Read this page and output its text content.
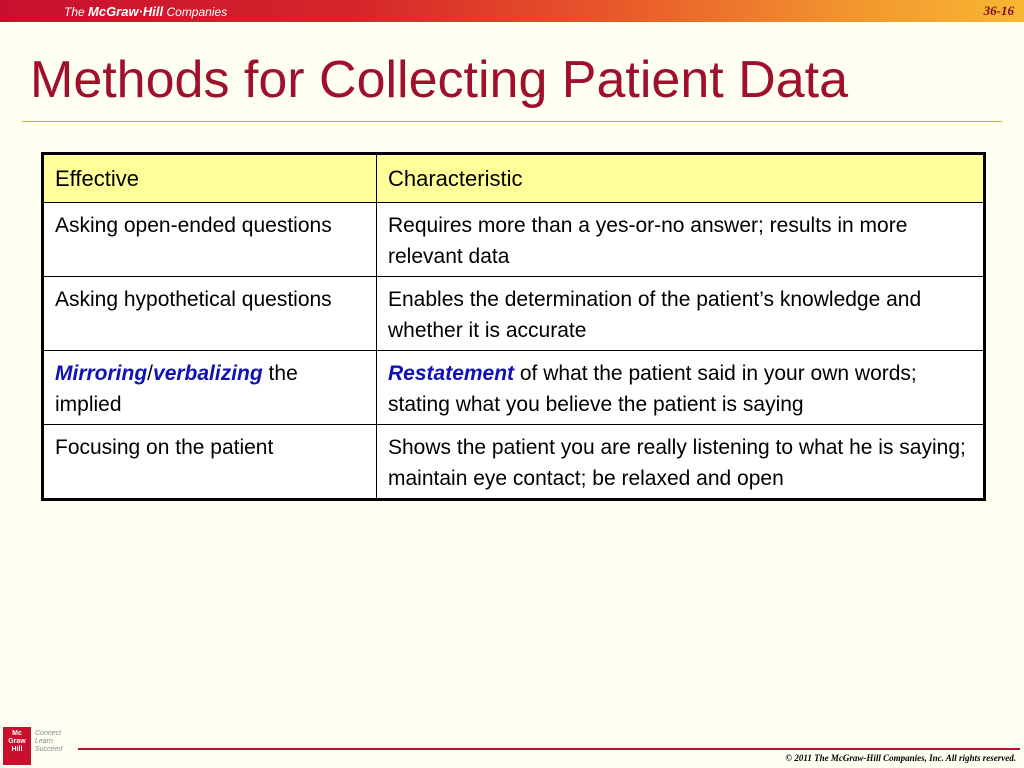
The McGraw·Hill Companies	36-16
Methods for Collecting Patient Data
Effective	Characteristic
Asking open-ended questions	Requires more than a yes-or-no answer; results in more relevant data
Asking hypothetical questions	Enables the determination of the patient’s knowledge and whether it is accurate
Mirroring/verbalizing the implied	Restatement of what the patient said in your own words; stating what you believe the patient is saying
Focusing on the patient	Shows the patient you are really listening to what he is saying; maintain eye contact; be relaxed and open
Mc
Graw
Hill
Connect
Learn
Succeed
© 2011 The McGraw-Hill Companies, Inc. All rights reserved.
